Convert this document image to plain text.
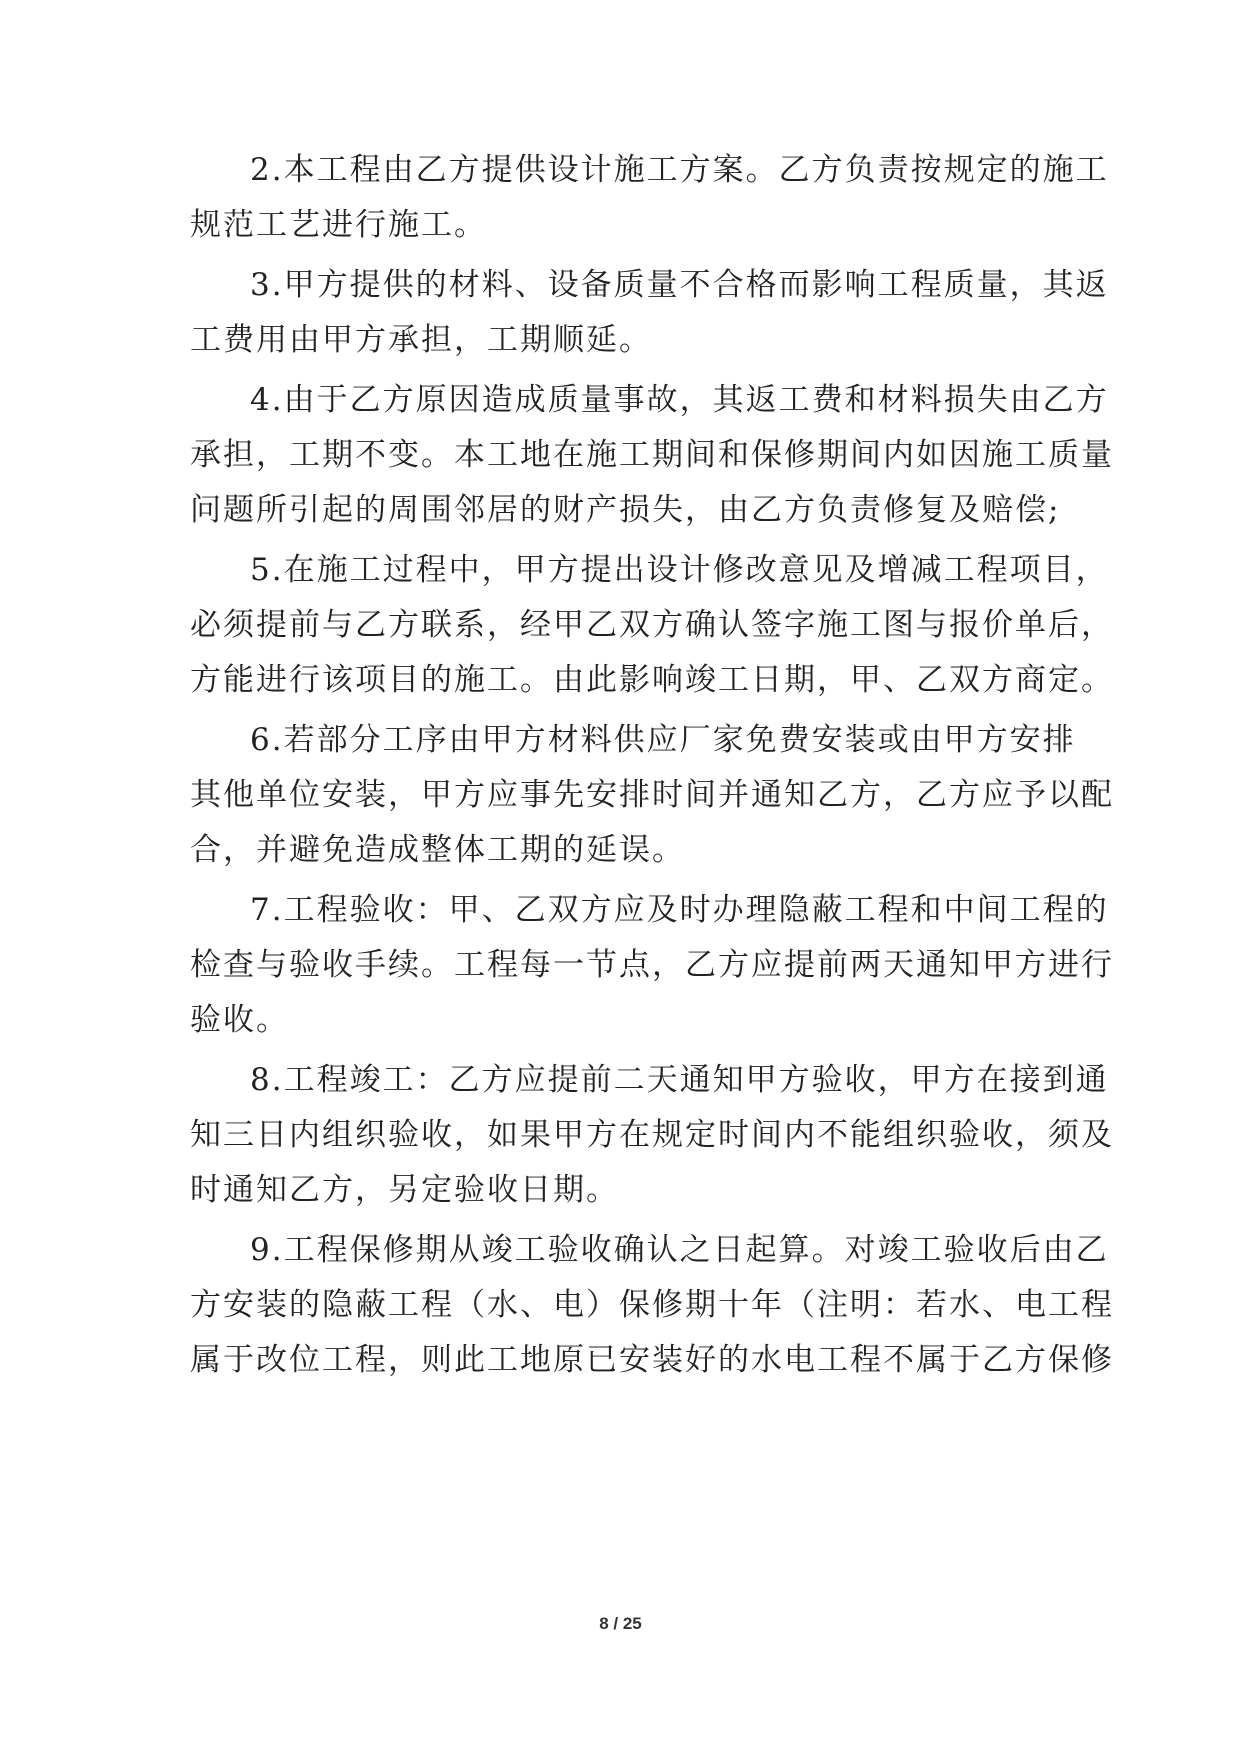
2.本工程由乙方提供设计施工方案。乙方负责按规定的施工
规范工艺进行施工。
3.甲方提供的材料、设备质量不合格而影响工程质量，其返
工费用由甲方承担，工期顺延。
4.由于乙方原因造成质量事故，其返工费和材料损失由乙方
承担，工期不变。本工地在施工期间和保修期间内如因施工质量
问题所引起的周围邻居的财产损失，由乙方负责修复及赔偿;
5.在施工过程中，甲方提出设计修改意见及增减工程项目，
必须提前与乙方联系，经甲乙双方确认签字施工图与报价单后，
方能进行该项目的施工。由此影响竣工日期，甲、乙双方商定。
6.若部分工序由甲方材料供应厂家免费安装或由甲方安排
其他单位安装，甲方应事先安排时间并通知乙方，乙方应予以配
合，并避免造成整体工期的延误。
7.工程验收：甲、乙双方应及时办理隐蔽工程和中间工程的
检查与验收手续。工程每一节点，乙方应提前两天通知甲方进行
验收。
8.工程竣工：乙方应提前二天通知甲方验收，甲方在接到通
知三日内组织验收，如果甲方在规定时间内不能组织验收，须及
时通知乙方，另定验收日期。
9.工程保修期从竣工验收确认之日起算。对竣工验收后由乙
方安装的隐蔽工程（水、电）保修期十年（注明：若水、电工程
属于改位工程，则此工地原已安装好的水电工程不属于乙方保修
8 / 25
